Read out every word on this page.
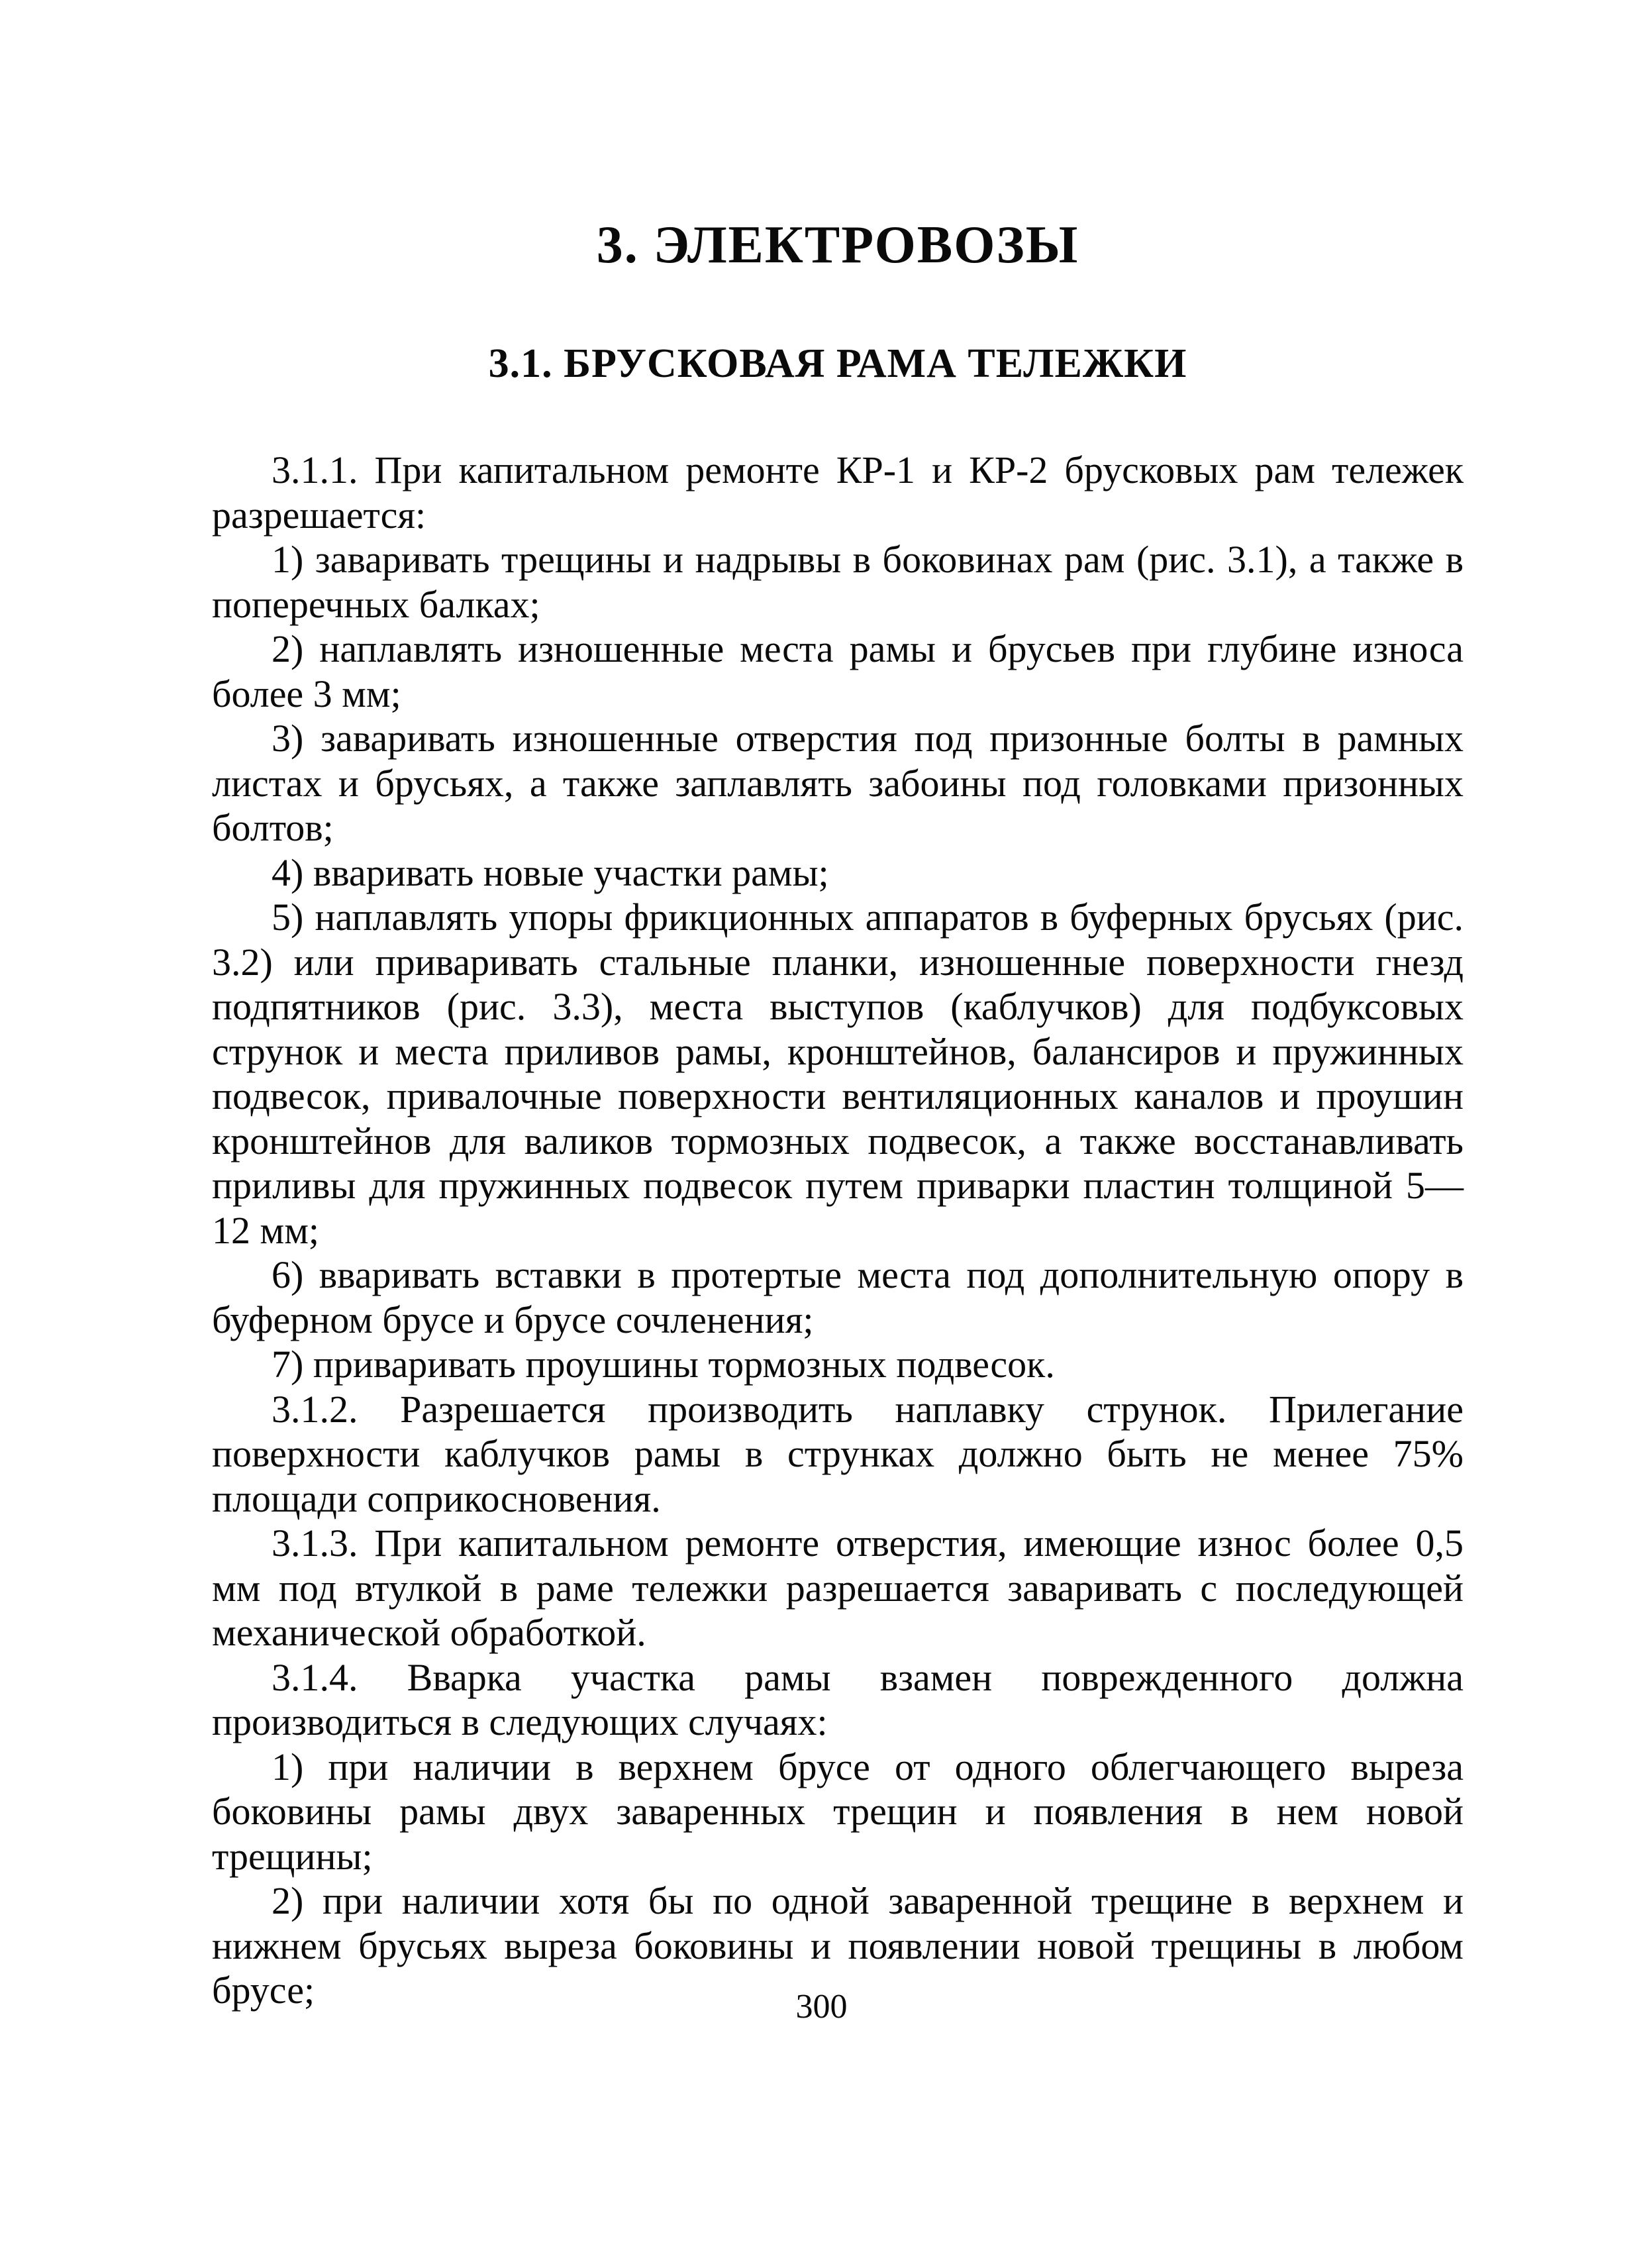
3. ЭЛЕКТРОВОЗЫ
3.1. БРУСКОВАЯ РАМА ТЕЛЕЖКИ

3.1.1. При капитальном ремонте КР-1 и КР-2 брусковых рам тележек разрешается:

1) заваривать трещины и надрывы в боковинах рам (рис. 3.1), а также в поперечных балках;

2) наплавлять изношенные места рамы и брусьев при глубине износа более 3 мм;

3) заваривать изношенные отверстия под призонные болты в рамных листах и брусьях, а также заплавлять забоины под головками призонных болтов;

4) вваривать новые участки рамы;

5) наплавлять упоры фрикционных аппаратов в буферных брусьях (рис. 3.2) или приваривать стальные планки, изношенные поверхности гнезд подпятников (рис. 3.3), места выступов (каблучков) для подбуксовых струнок и места приливов рамы, кронштейнов, балансиров и пружинных подвесок, привалочные поверхности вентиляционных каналов и проушин кронштейнов для валиков тормозных подвесок, а также восстанавливать приливы для пружинных подвесок путем приварки пластин толщиной 5—12 мм;

6) вваривать вставки в протертые места под дополнительную опору в буферном брусе и брусе сочленения;

7) приваривать проушины тормозных подвесок.

3.1.2. Разрешается производить наплавку струнок. Прилегание поверхности каблучков рамы в струнках должно быть не менее 75% площади соприкосновения.

3.1.3. При капитальном ремонте отверстия, имеющие износ более 0,5 мм под втулкой в раме тележки разрешается заваривать с последующей механической обработкой.

3.1.4. Вварка участка рамы взамен поврежденного должна производиться в следующих случаях:

1) при наличии в верхнем брусе от одного облегчающего выреза боковины рамы двух заваренных трещин и появления в нем новой трещины;

2) при наличии хотя бы по одной заваренной трещине в верхнем и нижнем брусьях выреза боковины и появлении новой трещины в любом брусе;	300
